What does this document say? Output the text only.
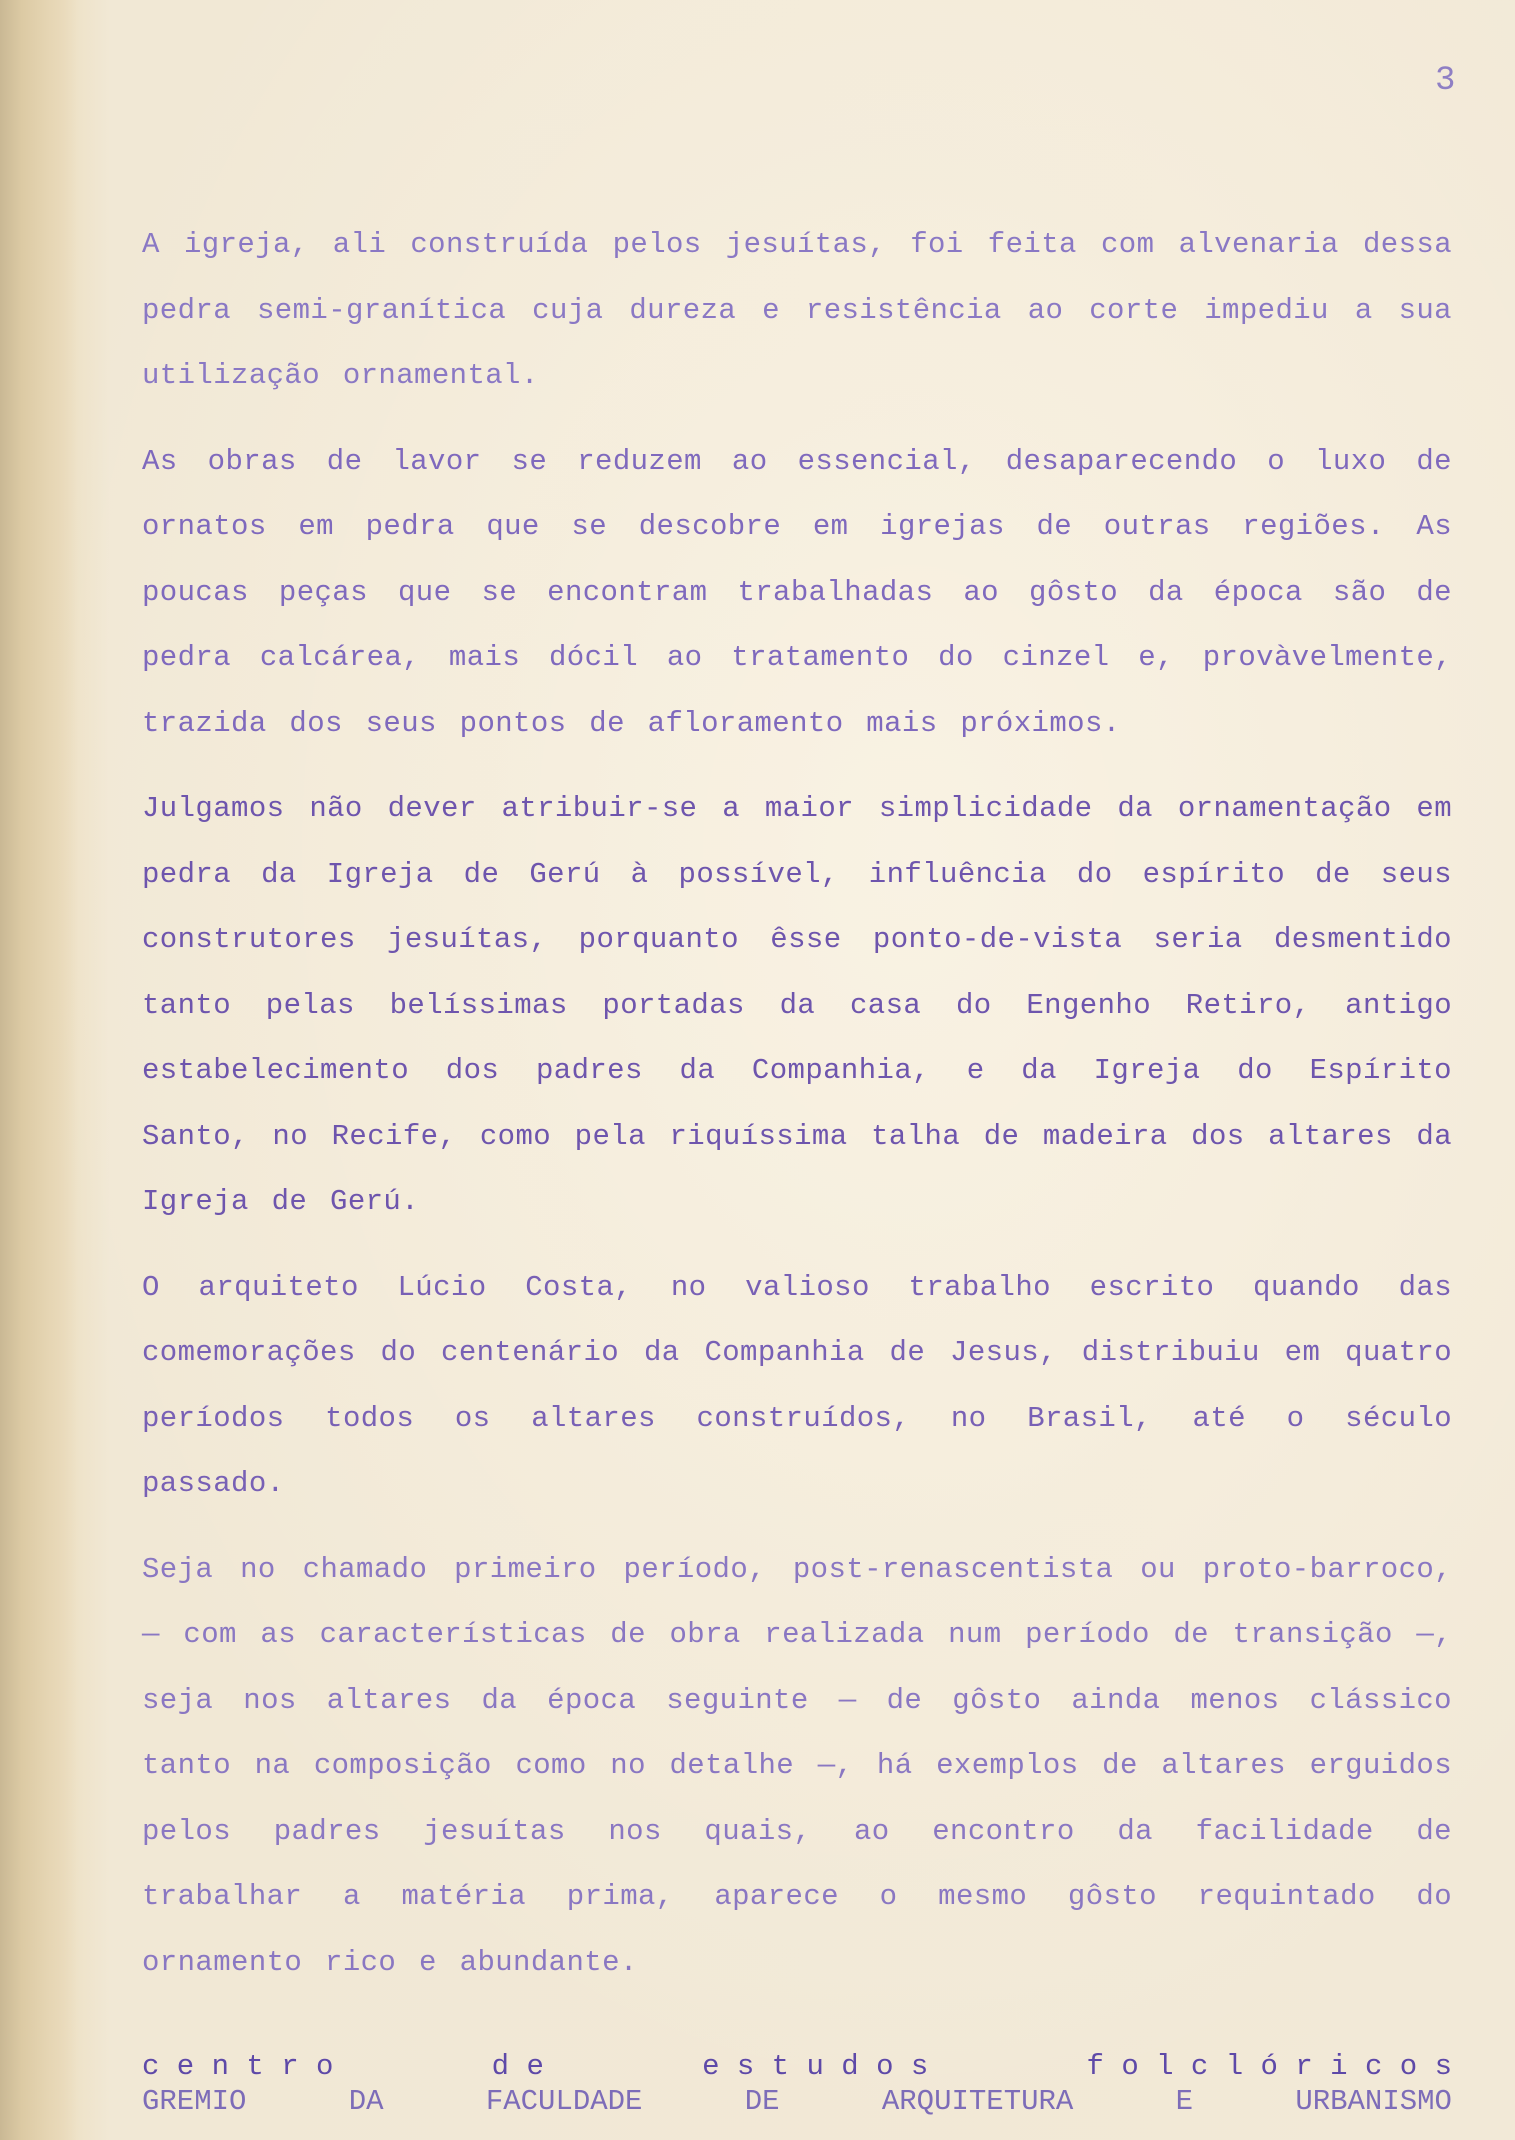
3

A igreja, ali construída pelos jesuítas, foi feita com alvenaria dessa pedra semi-granítica cuja dureza e resistência ao corte impediu a sua utilização ornamental.

As obras de lavor se reduzem ao essencial, desaparecendo o luxo de ornatos em pedra que se descobre em igrejas de outras regiões. As poucas peças que se encontram trabalhadas ao gôsto da época são de pedra calcárea, mais dócil ao tratamento do cinzel e, provàvelmente, trazida dos seus pontos de afloramento mais próximos.

Julgamos não dever atribuir-se a maior simplicidade da ornamentação em pedra da Igreja de Gerú à possível, influência do espírito de seus construtores jesuítas, porquanto êsse ponto-de-vista seria desmentido tanto pelas belíssimas portadas da casa do Engenho Retiro, antigo estabelecimento dos padres da Companhia, e da Igreja do Espírito Santo, no Recife, como pela riquíssima talha de madeira dos altares da Igreja de Gerú.

O arquiteto Lúcio Costa, no valioso trabalho escrito quando das comemorações do centenário da Companhia de Jesus, distribuiu em quatro períodos todos os altares construídos, no Brasil, até o século passado.

Seja no chamado primeiro período, post-renascentista ou proto-barroco, — com as características de obra realizada num período de transição —, seja nos altares da época seguinte — de gôsto ainda menos clássico tanto na composição como no detalhe —, há exemplos de altares erguidos pelos padres jesuítas nos quais, ao encontro da facilidade de trabalhar a matéria prima, aparece o mesmo gôsto requintado do ornamento rico e abundante.

c e n t r o	d e	e s t u d o s	f o l c l ó r i c o s
GREMIO	DA	FACULDADE	DE	ARQUITETURA	E	URBANISMO
